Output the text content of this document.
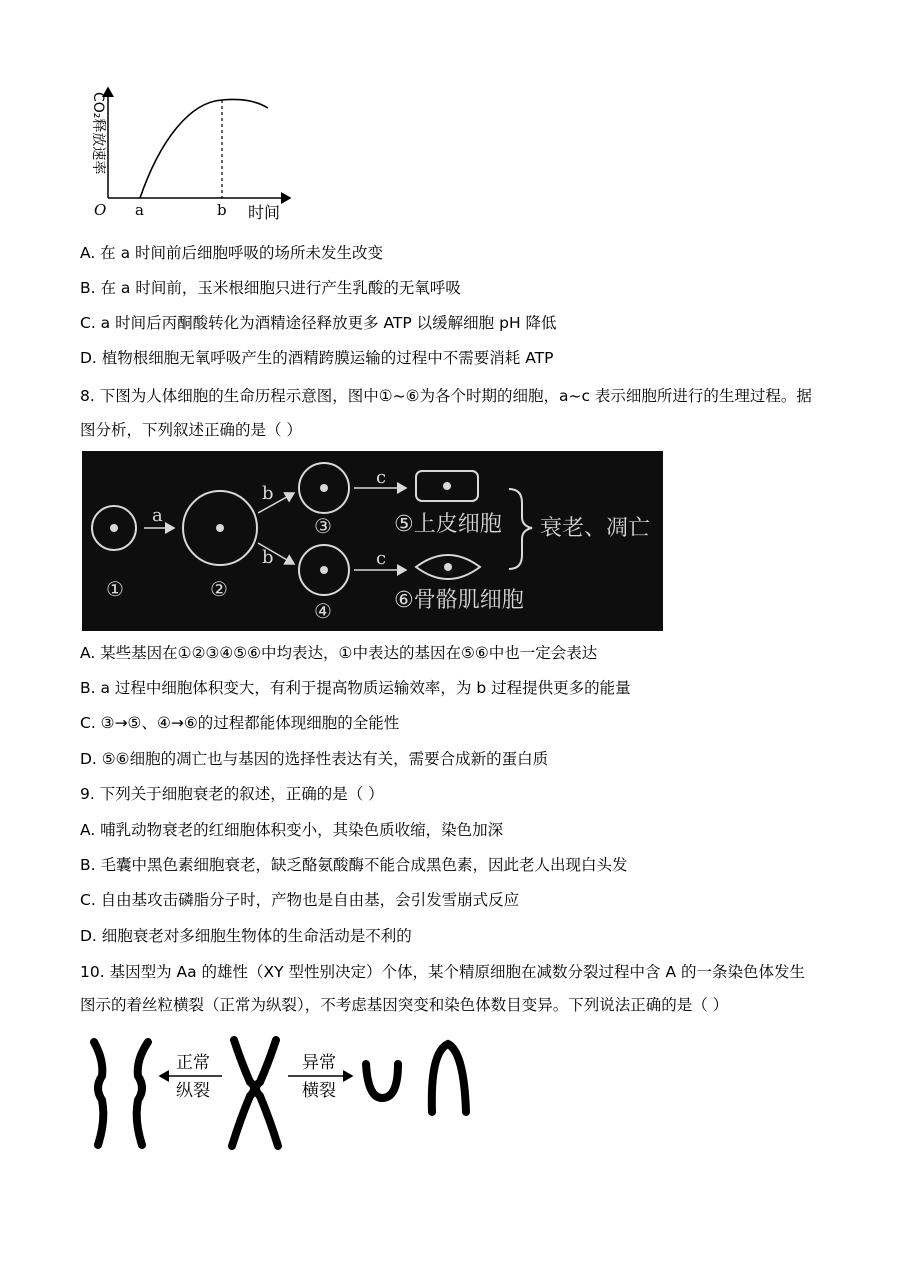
CO₂释放速率
O a	b 时间
A. 在 a 时间前后细胞呼吸的场所未发生改变
B. 在 a 时间前，玉米根细胞只进行产生乳酸的无氧呼吸
C. a 时间后丙酮酸转化为酒精途径释放更多 ATP 以缓解细胞 pH 降低
D. 植物根细胞无氧呼吸产生的酒精跨膜运输的过程中不需要消耗 ATP
8. 下图为人体细胞的生命历程示意图，图中①~⑥为各个时期的细胞，a~c 表示细胞所进行的生理过程。据
图分析，下列叙述正确的是（ ）
a
b
b
c
c
①	②
③
④
⑤上皮细胞
⑥骨骼肌细胞
衰老、凋亡
A. 某些基因在①②③④⑤⑥中均表达，①中表达的基因在⑤⑥中也一定会表达
B. a 过程中细胞体积变大，有利于提高物质运输效率，为 b 过程提供更多的能量
C. ③→⑤、④→⑥的过程都能体现细胞的全能性
D. ⑤⑥细胞的凋亡也与基因的选择性表达有关，需要合成新的蛋白质
9. 下列关于细胞衰老的叙述，正确的是（ ）
A. 哺乳动物衰老的红细胞体积变小，其染色质收缩，染色加深
B. 毛囊中黑色素细胞衰老，缺乏酪氨酸酶不能合成黑色素，因此老人出现白头发
C. 自由基攻击磷脂分子时，产物也是自由基，会引发雪崩式反应
D. 细胞衰老对多细胞生物体的生命活动是不利的
10. 基因型为 Aa 的雄性（XY 型性别决定）个体，某个精原细胞在减数分裂过程中含 A 的一条染色体发生
图示的着丝粒横裂（正常为纵裂），不考虑基因突变和染色体数目变异。下列说法正确的是（ ）
正常
纵裂
异常
横裂
